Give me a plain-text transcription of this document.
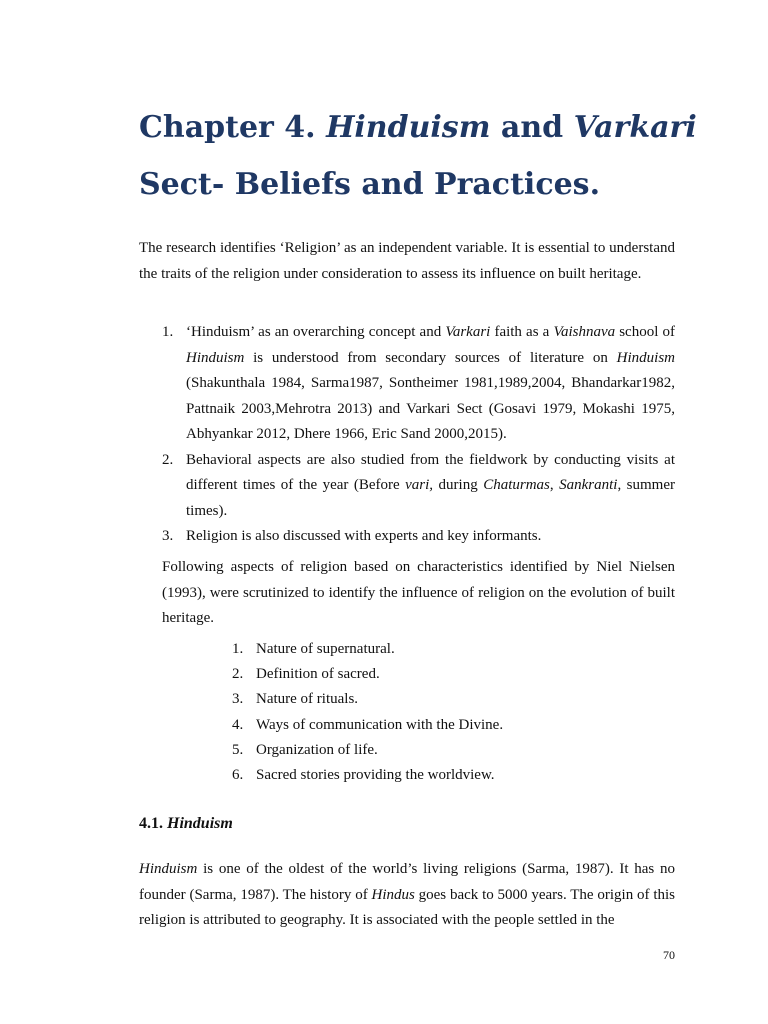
Chapter 4. Hinduism and Varkari
Sect- Beliefs and Practices.
The research identifies ‘Religion’ as an independent variable. It is essential to understand the traits of the religion under consideration to assess its influence on built heritage.
1. ‘Hinduism’ as an overarching concept and Varkari faith as a Vaishnava school of Hinduism is understood from secondary sources of literature on Hinduism (Shakunthala 1984, Sarma1987, Sontheimer 1981,1989,2004, Bhandarkar1982, Pattnaik 2003,Mehrotra 2013) and Varkari Sect (Gosavi 1979, Mokashi 1975, Abhyankar 2012, Dhere 1966, Eric Sand 2000,2015).
2. Behavioral aspects are also studied from the fieldwork by conducting visits at different times of the year (Before vari, during Chaturmas, Sankranti, summer times).
3. Religion is also discussed with experts and key informants.
Following aspects of religion based on characteristics identified by Niel Nielsen (1993), were scrutinized to identify the influence of religion on the evolution of built heritage.
1. Nature of supernatural.
2. Definition of sacred.
3. Nature of rituals.
4. Ways of communication with the Divine.
5. Organization of life.
6. Sacred stories providing the worldview.
4.1. Hinduism
Hinduism is one of the oldest of the world’s living religions (Sarma, 1987). It has no founder (Sarma, 1987). The history of Hindus goes back to 5000 years. The origin of this religion is attributed to geography. It is associated with the people settled in the
70
